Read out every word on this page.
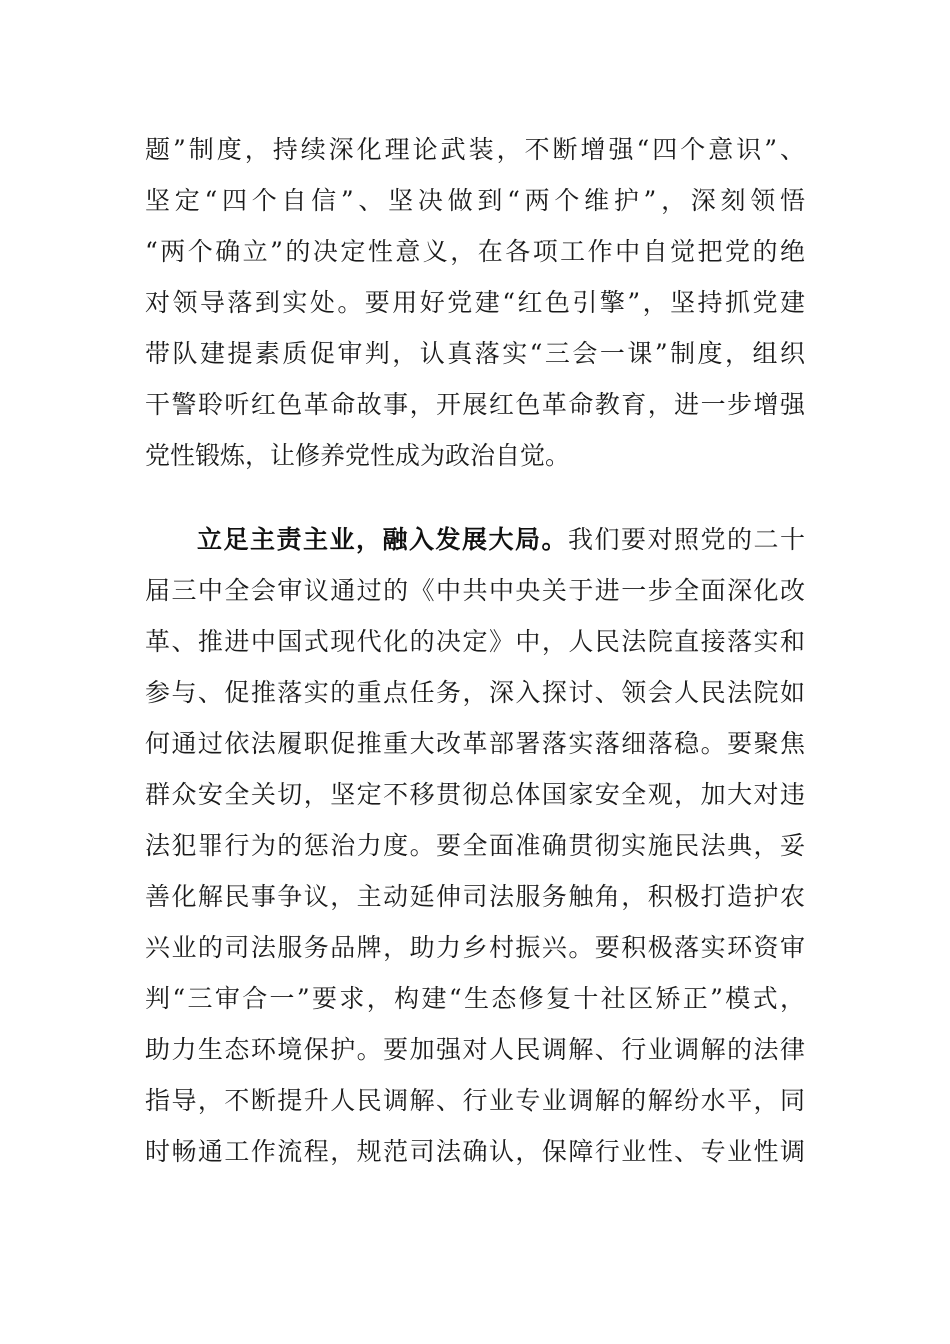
题”制度，持续深化理论武装，不断增强“四个意识”、
坚定“四个自信”、坚决做到“两个维护”，深刻领悟
“两个确立”的决定性意义，在各项工作中自觉把党的绝
对领导落到实处。要用好党建“红色引擎”，坚持抓党建
带队建提素质促审判，认真落实“三会一课”制度，组织
干警聆听红色革命故事，开展红色革命教育，进一步增强
党性锻炼，让修养党性成为政治自觉。
立足主责主业，融入发展大局。我们要对照党的二十
届三中全会审议通过的《中共中央关于进一步全面深化改
革、推进中国式现代化的决定》中，人民法院直接落实和
参与、促推落实的重点任务，深入探讨、领会人民法院如
何通过依法履职促推重大改革部署落实落细落稳。要聚焦
群众安全关切，坚定不移贯彻总体国家安全观，加大对违
法犯罪行为的惩治力度。要全面准确贯彻实施民法典，妥
善化解民事争议，主动延伸司法服务触角，积极打造护农
兴业的司法服务品牌，助力乡村振兴。要积极落实环资审
判“三审合一”要求，构建“生态修复十社区矫正”模式，
助力生态环境保护。要加强对人民调解、行业调解的法律
指导，不断提升人民调解、行业专业调解的解纷水平，同
时畅通工作流程，规范司法确认，保障行业性、专业性调
